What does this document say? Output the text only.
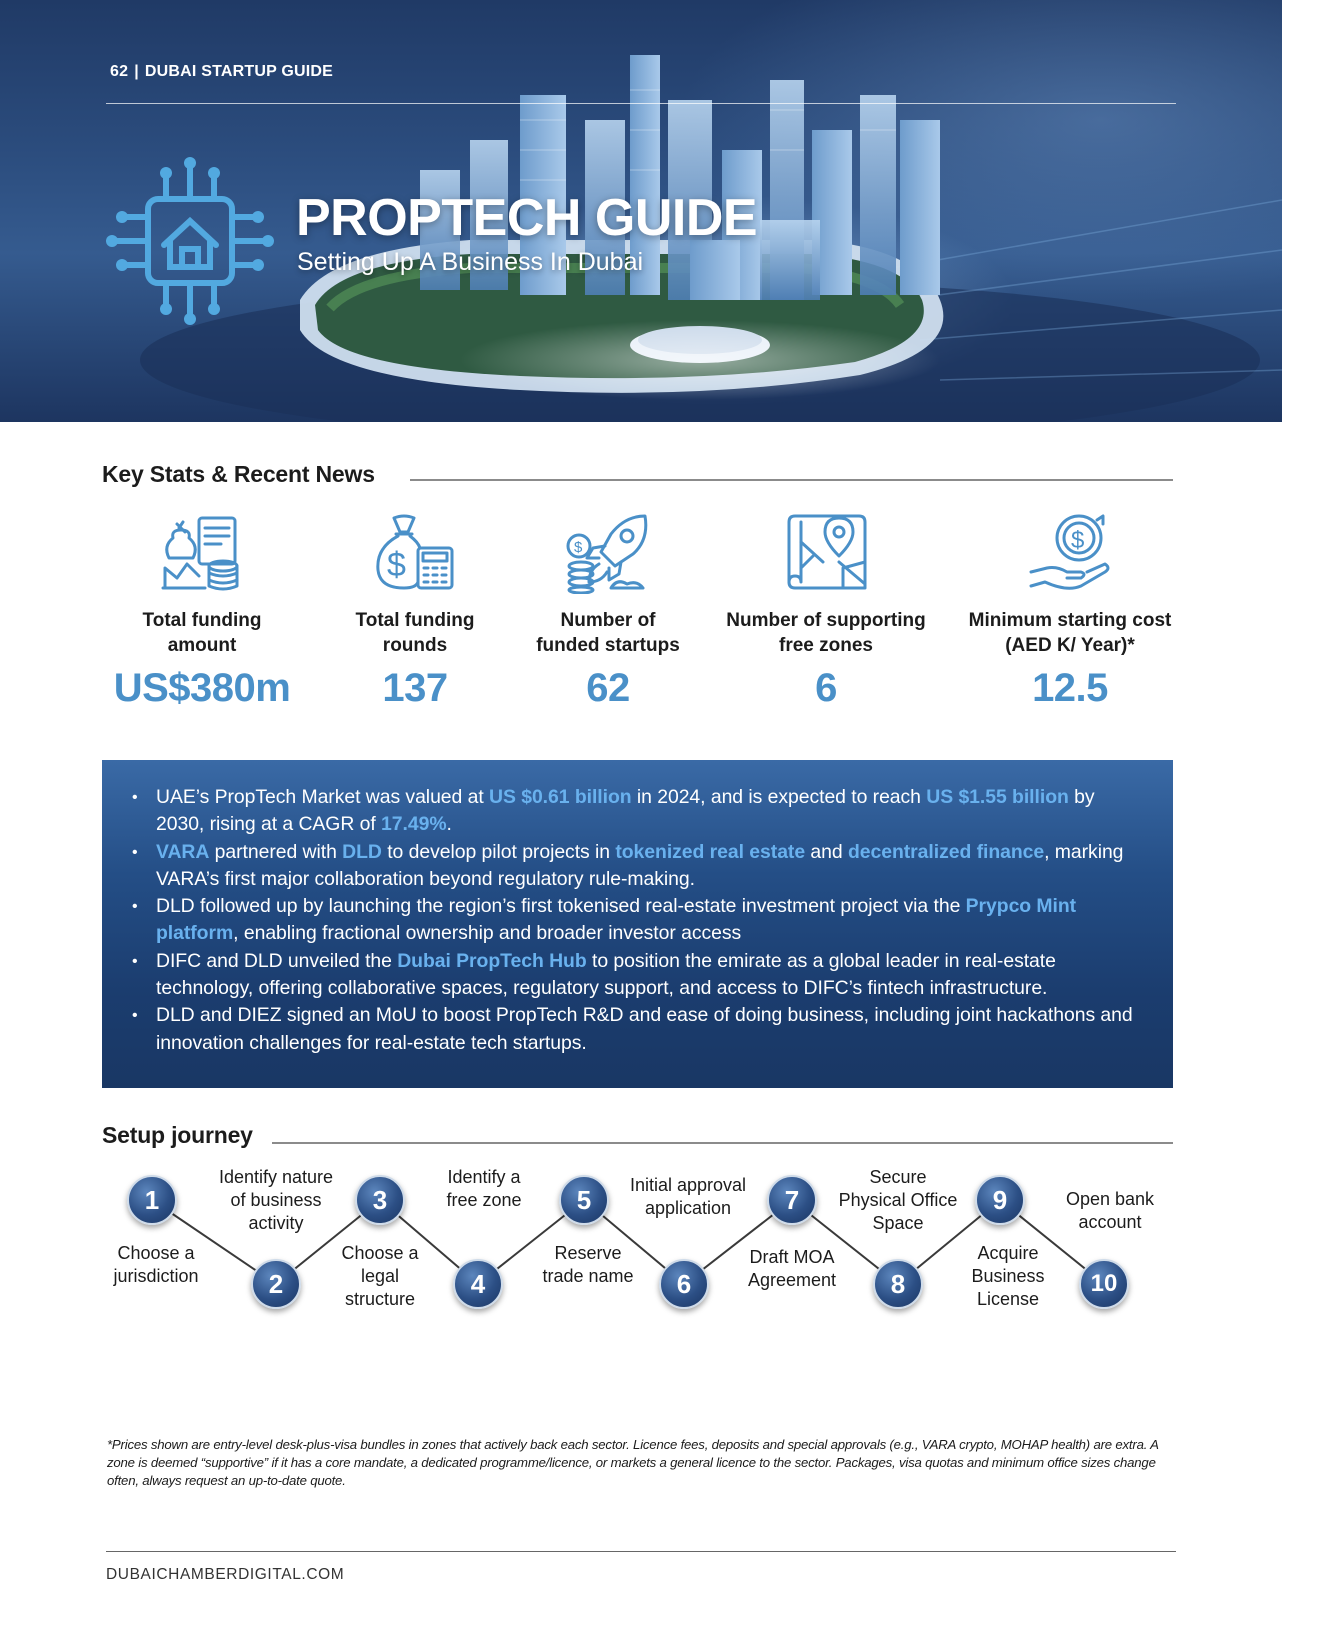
62 | DUBAI STARTUP GUIDE
PROPTECH GUIDE
Setting Up A Business In Dubai
Key Stats & Recent News
Total funding
amount
US$380m
$
Total funding
rounds
137
$
Number of
funded startups
62
Number of supporting
free zones
6
$
Minimum starting cost
(AED K/ Year)*
12.5
• UAE’s PropTech Market was valued at US $0.61 billion in 2024, and is expected to reach US $1.55 billion by 2030, rising at a CAGR of 17.49%.
• VARA partnered with DLD to develop pilot projects in tokenized real estate and decentralized finance, marking VARA’s first major collaboration beyond regulatory rule-making.
• DLD followed up by launching the region’s first tokenised real-estate investment project via the Prypco Mint platform, enabling fractional ownership and broader investor access
• DIFC and DLD unveiled the Dubai PropTech Hub to position the emirate as a global leader in real-estate technology, offering collaborative spaces, regulatory support, and access to DIFC’s fintech infrastructure.
• DLD and DIEZ signed an MoU to boost PropTech R&D and ease of doing business, including joint hackathons and innovation challenges for real-estate tech startups.
Setup journey
1
2
3
4
5
6
7
8
9
10
Choose a
jurisdiction
Identify nature
of business
activity
Choose a
legal
structure
Identify a
free zone
Reserve
trade name
Initial approval
application
Draft MOA
Agreement
Secure
Physical Office
Space
Acquire
Business
License
Open bank
account
*Prices shown are entry-level desk-plus-visa bundles in zones that actively back each sector. Licence fees, deposits and special approvals (e.g., VARA crypto, MOHAP health) are extra. A zone is deemed “supportive” if it has a core mandate, a dedicated programme/licence, or markets a general licence to the sector. Packages, visa quotas and minimum office sizes change often, always request an up-to-date quote.
DUBAICHAMBERDIGITAL.COM
